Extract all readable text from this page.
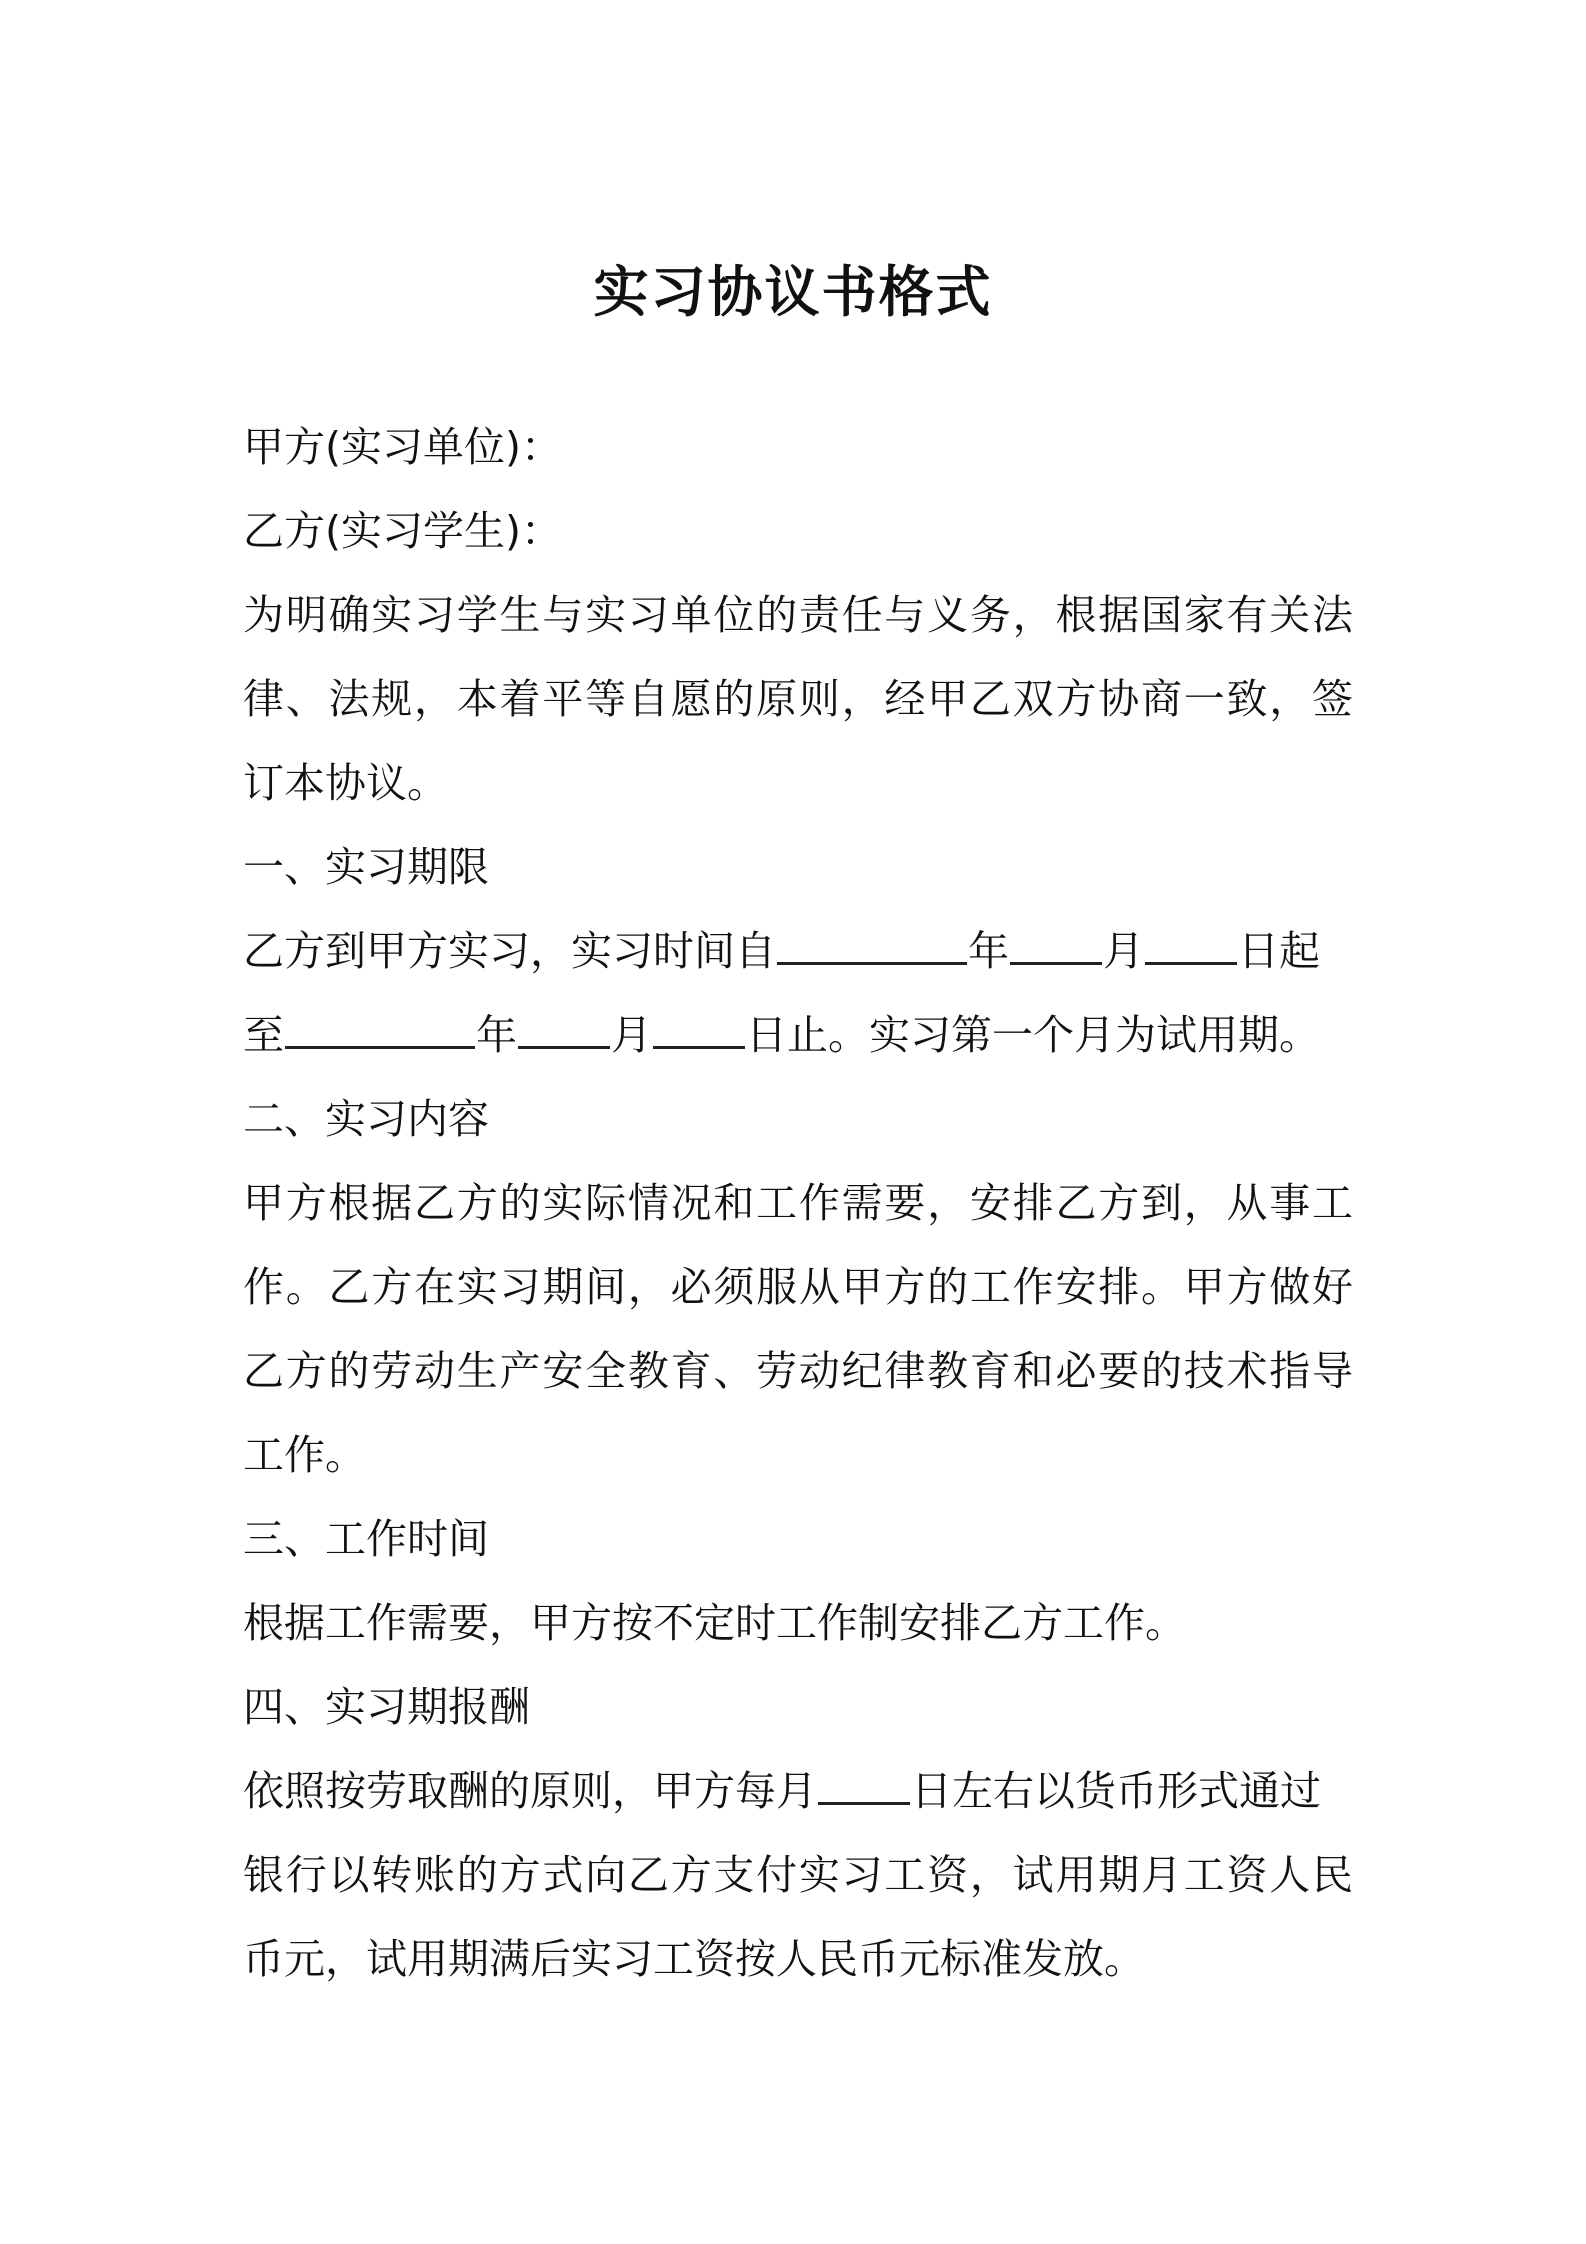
实习协议书格式
甲方(实习单位)：
乙方(实习学生)：
为明确实习学生与实习单位的责任与义务，根据国家有关法
律、法规，本着平等自愿的原则，经甲乙双方协商一致，签
订本协议。
一、实习期限
乙方到甲方实习，实习时间自	年 月 日起
至	年 月 日止。实习第一个月为试用期。
二、实习内容
甲方根据乙方的实际情况和工作需要，安排乙方到，从事工
作。乙方在实习期间，必须服从甲方的工作安排。甲方做好
乙方的劳动生产安全教育、劳动纪律教育和必要的技术指导
工作。
三、工作时间
根据工作需要，甲方按不定时工作制安排乙方工作。
四、实习期报酬
依照按劳取酬的原则，甲方每月 日左右以货币形式通过
银行以转账的方式向乙方支付实习工资，试用期月工资人民
币元，试用期满后实习工资按人民币元标准发放。
